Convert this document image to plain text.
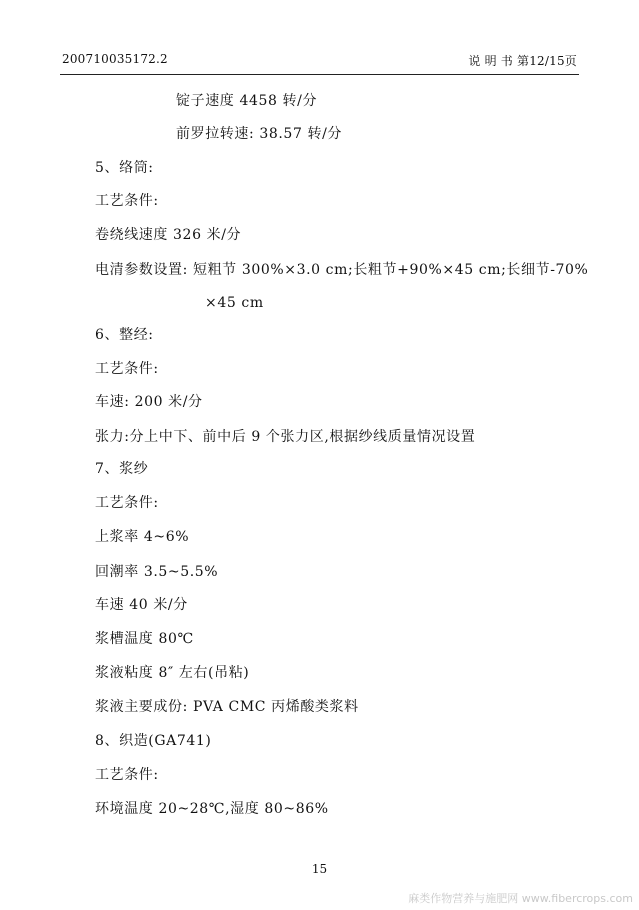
200710035172.2	说 明 书 第12/15页
锭子速度 4458 转/分
前罗拉转速: 38.57 转/分
5、络筒:
工艺条件:
卷绕线速度 326 米/分
电清参数设置: 短粗节 300%×3.0 cm;长粗节+90%×45 cm;长细节-70%
×45 cm
6、整经:
工艺条件:
车速: 200 米/分
张力:分上中下、前中后 9 个张力区,根据纱线质量情况设置
7、浆纱
工艺条件:
上浆率 4~6%
回潮率 3.5~5.5%
车速 40 米/分
浆槽温度 80℃
浆液粘度 8″ 左右(吊粘)
浆液主要成份: PVA CMC 丙烯酸类浆料
8、织造(GA741)
工艺条件:
环境温度 20~28℃,湿度 80~86%
15
麻类作物营养与施肥网 www.fibercrops.com
